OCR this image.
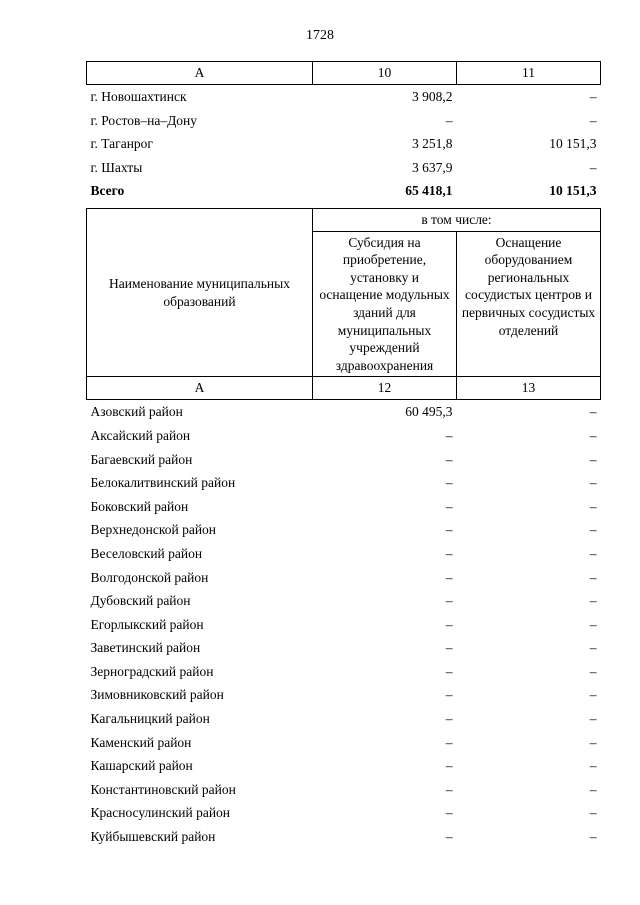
1728
А	10	11
г. Новошахтинск	3 908,2	–
г. Ростов–на–Дону	–	–
г. Таганрог	3 251,8	10 151,3
г. Шахты	3 637,9	–
Всего	65 418,1	10 151,3
Наименование муниципальных образований	в том числе:	
	Субсидия на приобретение, установку и оснащение модульных зданий для муниципальных учреждений здравоохранения	Оснащение оборудованием региональных сосудистых центров и первичных сосудистых отделений
А	12	13
Азовский район	60 495,3	–
Аксайский район	–	–
Багаевский район	–	–
Белокалитвинский район	–	–
Боковский район	–	–
Верхнедонской район	–	–
Веселовский район	–	–
Волгодонской район	–	–
Дубовский район	–	–
Егорлыкский район	–	–
Заветинский район	–	–
Зерноградский район	–	–
Зимовниковский район	–	–
Кагальницкий район	–	–
Каменский район	–	–
Кашарский район	–	–
Константиновский район	–	–
Красносулинский район	–	–
Куйбышевский район	–	–
